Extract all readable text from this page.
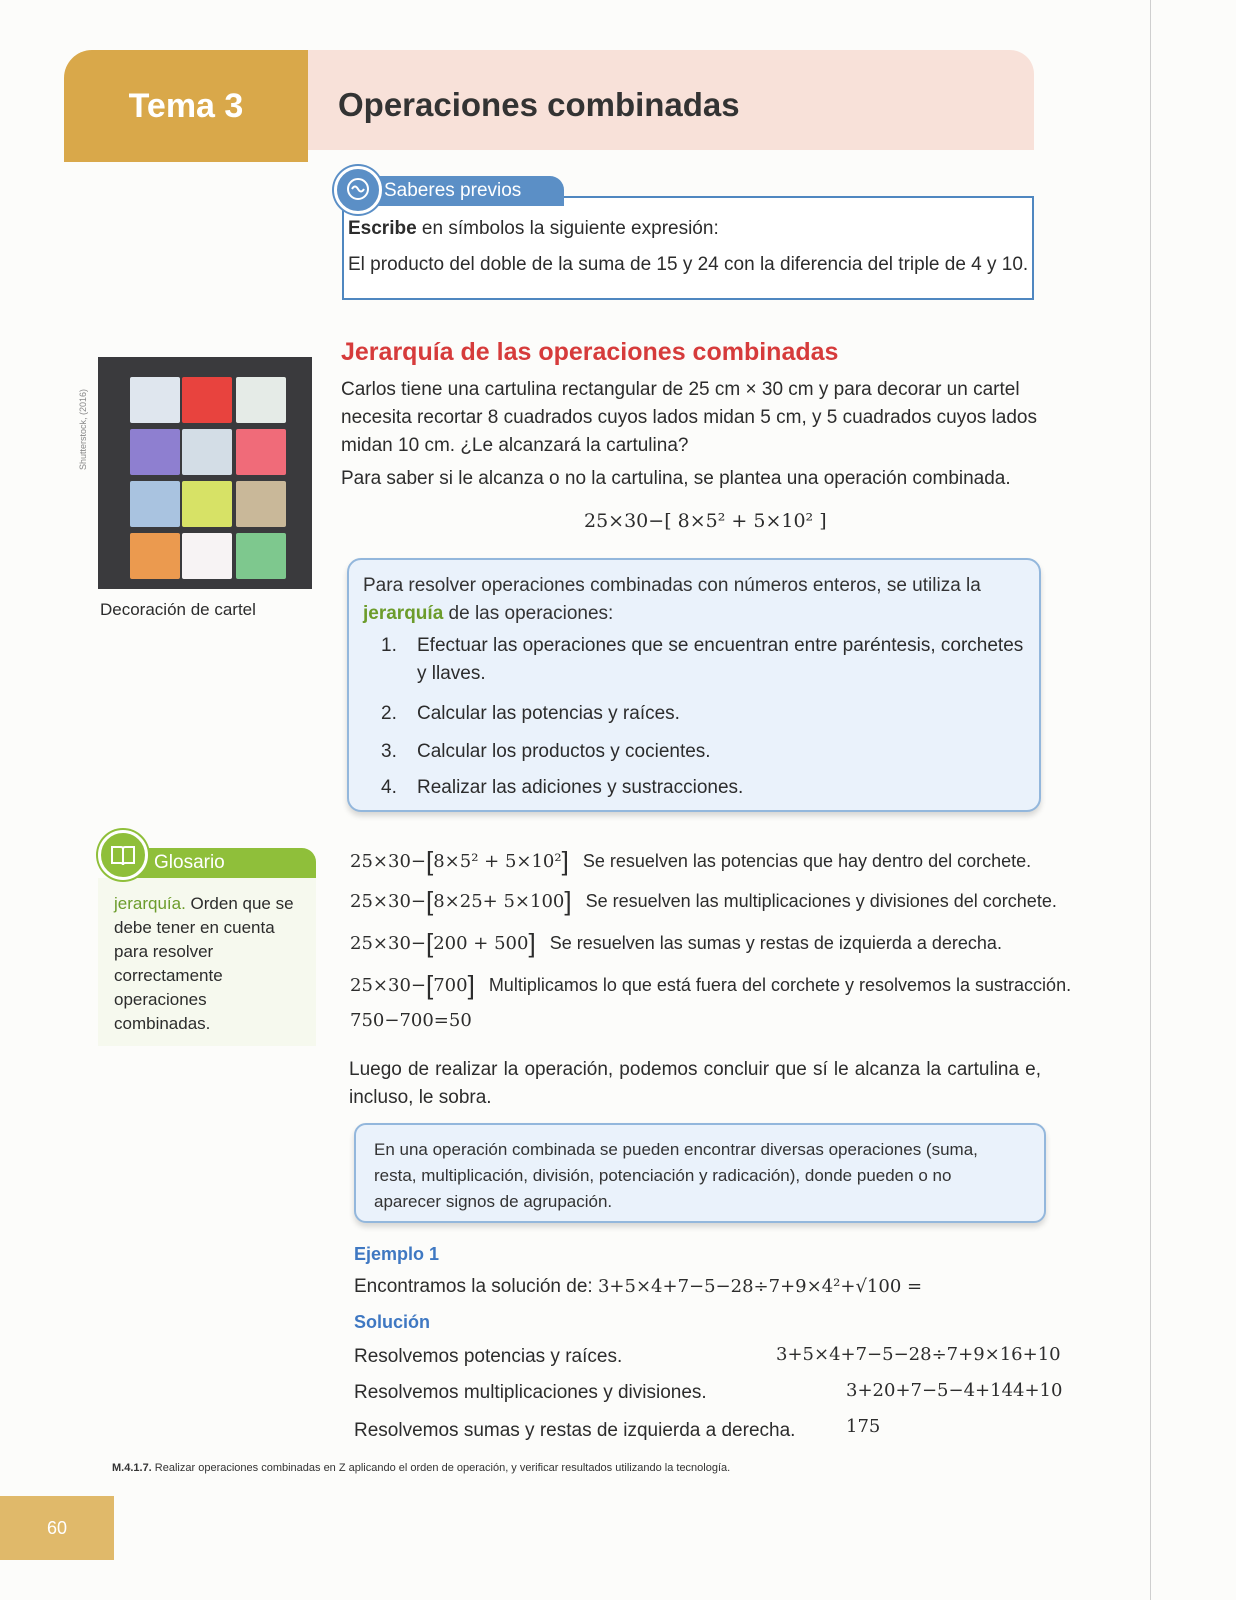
Tema 3	Operaciones combinadas
Escribe en símbolos la siguiente expresión:
El producto del doble de la suma de 15 y 24 con la diferencia del triple de 4 y 10.
Saberes previos
Shutterstock, (2016)
Decoración de cartel
Jerarquía de las operaciones combinadas
Carlos tiene una cartulina rectangular de 25 cm × 30 cm y para decorar un cartel necesita recortar 8 cuadrados cuyos lados midan 5 cm, y 5 cuadrados cuyos lados midan 10 cm. ¿Le alcanzará la cartulina?
Para saber si le alcanza o no la cartulina, se plantea una operación combinada.
25×30−[ 8×5² + 5×10² ]
Para resolver operaciones combinadas con números enteros, se utiliza la jerarquía de las operaciones:
1. Efectuar las operaciones que se encuentran entre paréntesis, corchetes y llaves.
2. Calcular las potencias y raíces.
3. Calcular los productos y cocientes.
4. Realizar las adiciones y sustracciones.
jerarquía. Orden que se debe tener en cuenta para resolver correctamente operaciones combinadas.
Glosario	25×30−[8×5² + 5×10²] Se resuelven las potencias que hay dentro del corchete.
25×30−[8×25+ 5×100] Se resuelven las multiplicaciones y divisiones del corchete.
25×30−[200 + 500] Se resuelven las sumas y restas de izquierda a derecha.
25×30−[700] Multiplicamos lo que está fuera del corchete y resolvemos la sustracción.
750−700=50
Luego de realizar la operación, podemos concluir que sí le alcanza la cartulina e, incluso, le sobra.
En una operación combinada se pueden encontrar diversas operaciones (suma, resta, multiplicación, división, potenciación y radicación), donde pueden o no aparecer signos de agrupación.
Ejemplo 1
Encontramos la solución de: 3+5×4+7−5−28÷7+9×4²+√100 =
Solución
Resolvemos potencias y raíces.	3+5×4+7−5−28÷7+9×16+10
Resolvemos multiplicaciones y divisiones.	3+20+7−5−4+144+10
Resolvemos sumas y restas de izquierda a derecha.	175
M.4.1.7. Realizar operaciones combinadas en Z aplicando el orden de operación, y verificar resultados utilizando la tecnología.
60
